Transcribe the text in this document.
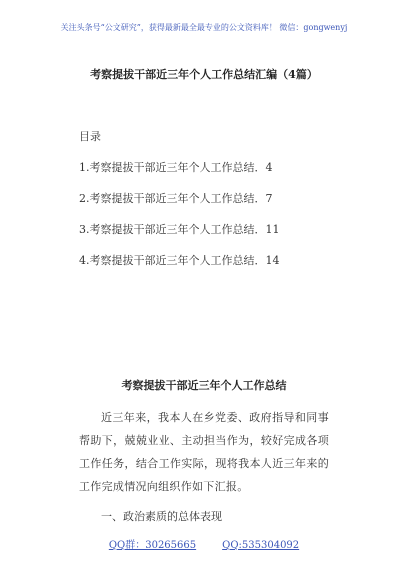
关注头条号“公文研究”，获得最新最全最专业的公文资料库！ 微信：gongwenyj
考察提拔干部近三年个人工作总结汇编（4篇）
目录
1.考察提拔干部近三年个人工作总结．4
2.考察提拔干部近三年个人工作总结．7
3.考察提拔干部近三年个人工作总结．11
4.考察提拔干部近三年个人工作总结．14
考察提拔干部近三年个人工作总结

近三年来，我本人在乡党委、政府指导和同事帮助下，兢兢业业、主动担当作为，较好完成各项工作任务，结合工作实际，现将我本人近三年来的工作完成情况向组织作如下汇报。

一、政治素质的总体表现
QQ群：30265665	QQ:535304092
